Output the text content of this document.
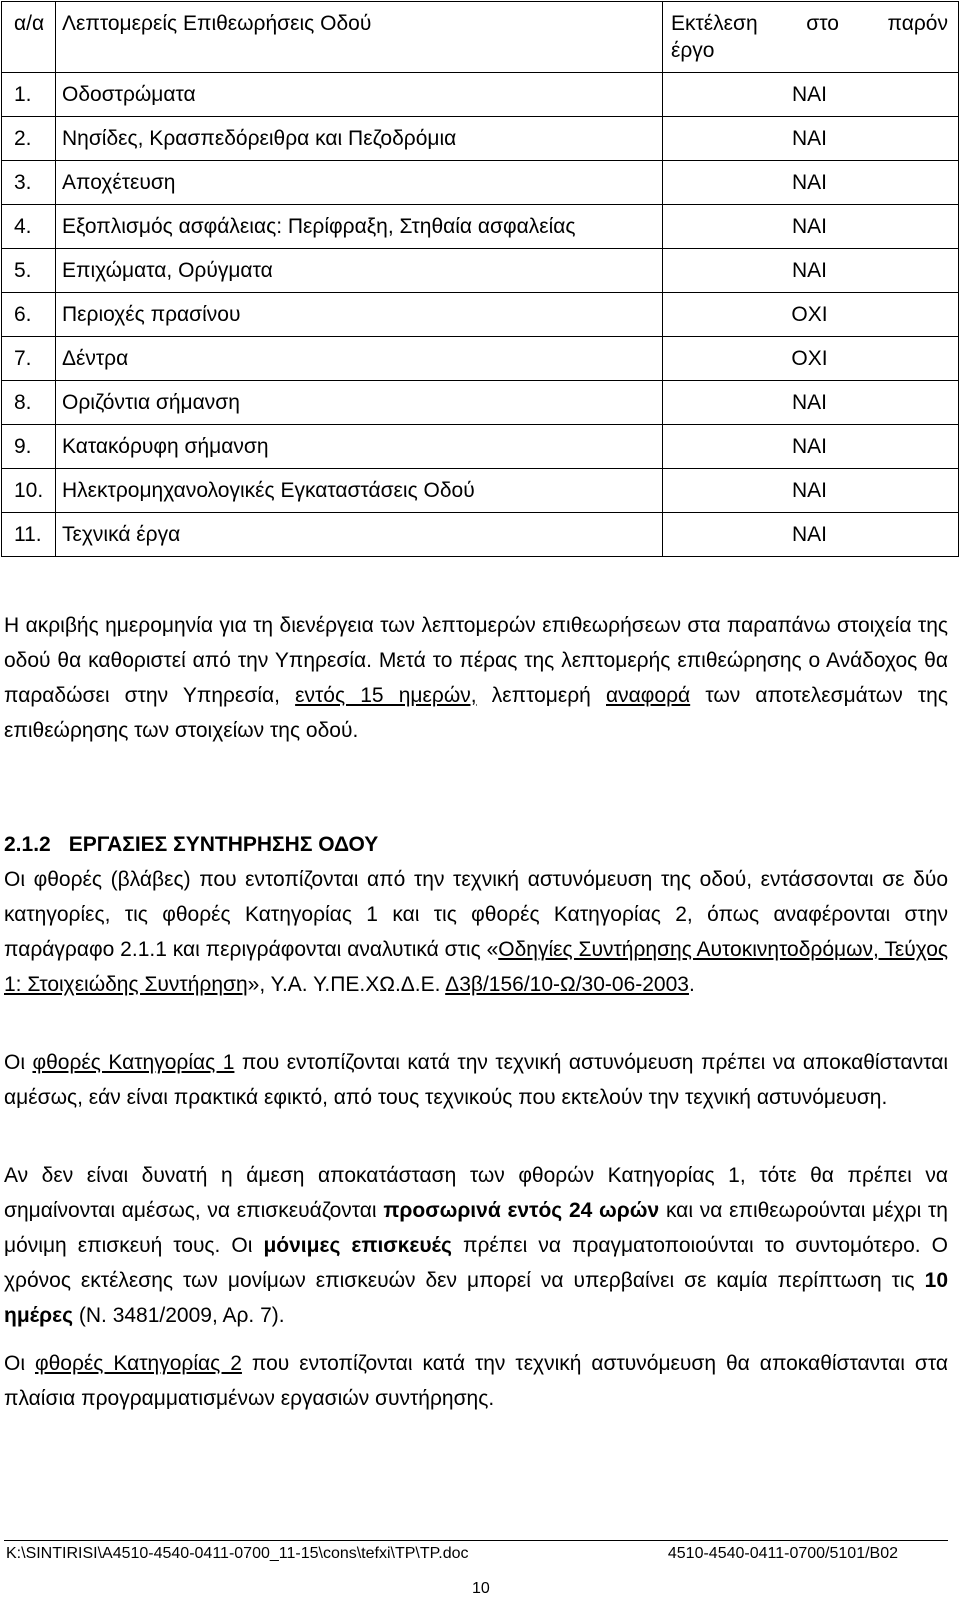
α/α	Λεπτομερείς Επιθεωρήσεις Οδού	Εκτέλεση στο παρόν
έργο

1.	Οδοστρώματα	ΝΑΙ
2.	Νησίδες, Κρασπεδόρειθρα και Πεζοδρόμια	ΝΑΙ
3.	Αποχέτευση	ΝΑΙ
4.	Εξοπλισμός ασφάλειας: Περίφραξη, Στηθαία ασφαλείας	ΝΑΙ
5.	Επιχώματα, Ορύγματα	ΝΑΙ
6.	Περιοχές πρασίνου	ΟΧΙ
7.	Δέντρα	ΟΧΙ
8.	Οριζόντια σήμανση	ΝΑΙ
9.	Κατακόρυφη σήμανση	ΝΑΙ
10.	Ηλεκτρομηχανολογικές Εγκαταστάσεις Οδού	ΝΑΙ
11.	Τεχνικά έργα	ΝΑΙ

Η ακριβής ημερομηνία για τη διενέργεια των λεπτομερών επιθεωρήσεων στα παραπάνω στοιχεία της οδού θα καθοριστεί από την Υπηρεσία. Μετά το πέρας της λεπτομερής επιθεώρησης ο Ανάδοχος θα παραδώσει στην Υπηρεσία, εντός 15 ημερών, λεπτομερή αναφορά των αποτελεσμάτων της επιθεώρησης των στοιχείων της οδού.

2.1.2 ΕΡΓΑΣΙΕΣ ΣΥΝΤΗΡΗΣΗΣ ΟΔΟΥ

Οι φθορές (βλάβες) που εντοπίζονται από την τεχνική αστυνόμευση της οδού, εντάσσονται σε δύο κατηγορίες, τις φθορές Κατηγορίας 1 και τις φθορές Κατηγορίας 2, όπως αναφέρονται στην παράγραφο 2.1.1 και περιγράφονται αναλυτικά στις «Οδηγίες Συντήρησης Αυτοκινητοδρόμων, Τεύχος 1: Στοιχειώδης Συντήρηση», Υ.Α. Υ.ΠΕ.ΧΩ.Δ.Ε. Δ3β/156/10-Ω/30-06-2003.

Οι φθορές Κατηγορίας 1 που εντοπίζονται κατά την τεχνική αστυνόμευση πρέπει να αποκαθίστανται αμέσως, εάν είναι πρακτικά εφικτό, από τους τεχνικούς που εκτελούν την τεχνική αστυνόμευση.

Αν δεν είναι δυνατή η άμεση αποκατάσταση των φθορών Κατηγορίας 1, τότε θα πρέπει να σημαίνονται αμέσως, να επισκευάζονται προσωρινά εντός 24 ωρών και να επιθεωρούνται μέχρι τη μόνιμη επισκευή τους. Οι μόνιμες επισκευές πρέπει να πραγματοποιούνται το συντομότερο. Ο χρόνος εκτέλεσης των μονίμων επισκευών δεν μπορεί να υπερβαίνει σε καμία περίπτωση τις 10 ημέρες (Ν. 3481/2009, Αρ. 7).

Οι φθορές Κατηγορίας 2 που εντοπίζονται κατά την τεχνική αστυνόμευση θα αποκαθίστανται στα πλαίσια προγραμματισμένων εργασιών συντήρησης.

K:\SINTIRISI\A4510-4540-0411-0700_11-15\cons\tefxi\TP\TP.doc	4510-4540-0411-0700/5101/B02
10
